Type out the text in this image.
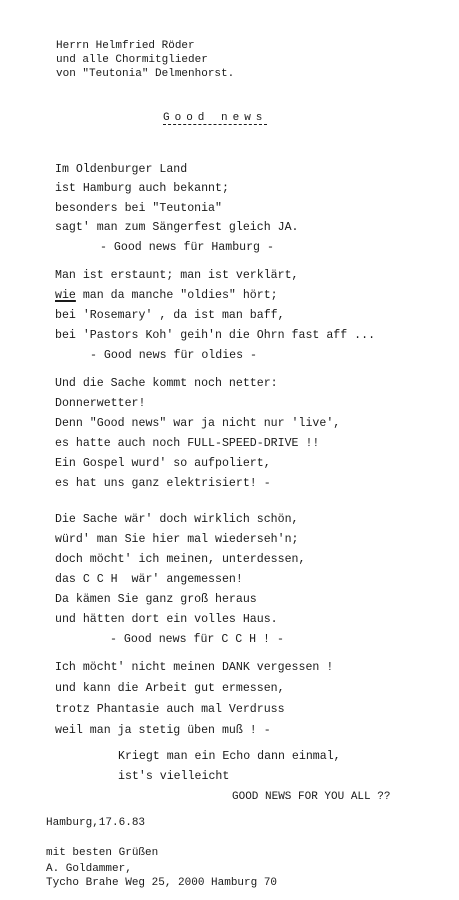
Herrn Helmfried Röder
und alle Chormitglieder
von "Teutonia" Delmenhorst.
Good news
Im Oldenburger Land
ist Hamburg auch bekannt;
besonders bei "Teutonia"
sagt' man zum Sängerfest gleich JA.
- Good news für Hamburg -
Man ist erstaunt; man ist verklärt,
wie man da manche "oldies" hört;
bei 'Rosemary' , da ist man baff,
bei 'Pastors Koh' geih'n die Ohrn fast aff ...
- Good news für oldies -
Und die Sache kommt noch netter:
Donnerwetter!
Denn "Good news" war ja nicht nur 'live',
es hatte auch noch FULL-SPEED-DRIVE !!
Ein Gospel wurd' so aufpoliert,
es hat uns ganz elektrisiert! -
Die Sache wär' doch wirklich schön,
würd' man Sie hier mal wiederseh'n;
doch möcht' ich meinen, unterdessen,
das C C H  wär' angemessen!
Da kämen Sie ganz groß heraus
und hätten dort ein volles Haus.
- Good news für C C H ! -
Ich möcht' nicht meinen DANK vergessen !
und kann die Arbeit gut ermessen,
trotz Phantasie auch mal Verdruss
weil man ja stetig üben muß ! -
Kriegt man ein Echo dann einmal,
ist's vielleicht
GOOD NEWS FOR YOU ALL ??
Hamburg,17.6.83
mit besten Grüßen
A. Goldammer,
Tycho Brahe Weg 25, 2000 Hamburg 70
